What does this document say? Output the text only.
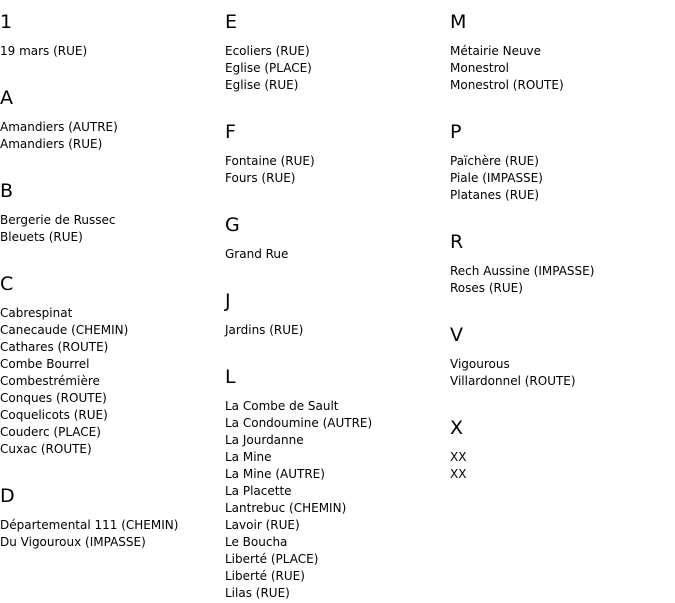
1
19 mars (RUE)
A
Amandiers (AUTRE)
Amandiers (RUE)
B
Bergerie de Russec
Bleuets (RUE)
C
Cabrespinat
Canecaude (CHEMIN)
Cathares (ROUTE)
Combe Bourrel
Combestrémière
Conques (ROUTE)
Coquelicots (RUE)
Couderc (PLACE)
Cuxac (ROUTE)
D
Départemental 111 (CHEMIN)
Du Vigouroux (IMPASSE)
E
Ecoliers (RUE)
Eglise (PLACE)
Eglise (RUE)
F
Fontaine (RUE)
Fours (RUE)
G
Grand Rue
J
Jardins (RUE)
L
La Combe de Sault
La Condoumine (AUTRE)
La Jourdanne
La Mine
La Mine (AUTRE)
La Placette
Lantrebuc (CHEMIN)
Lavoir (RUE)
Le Boucha
Liberté (PLACE)
Liberté (RUE)
Lilas (RUE)
M
Métairie Neuve
Monestrol
Monestrol (ROUTE)
P
Païchère (RUE)
Piale (IMPASSE)
Platanes (RUE)
R
Rech Aussine (IMPASSE)
Roses (RUE)
V
Vigourous
Villardonnel (ROUTE)
X
XX
XX
